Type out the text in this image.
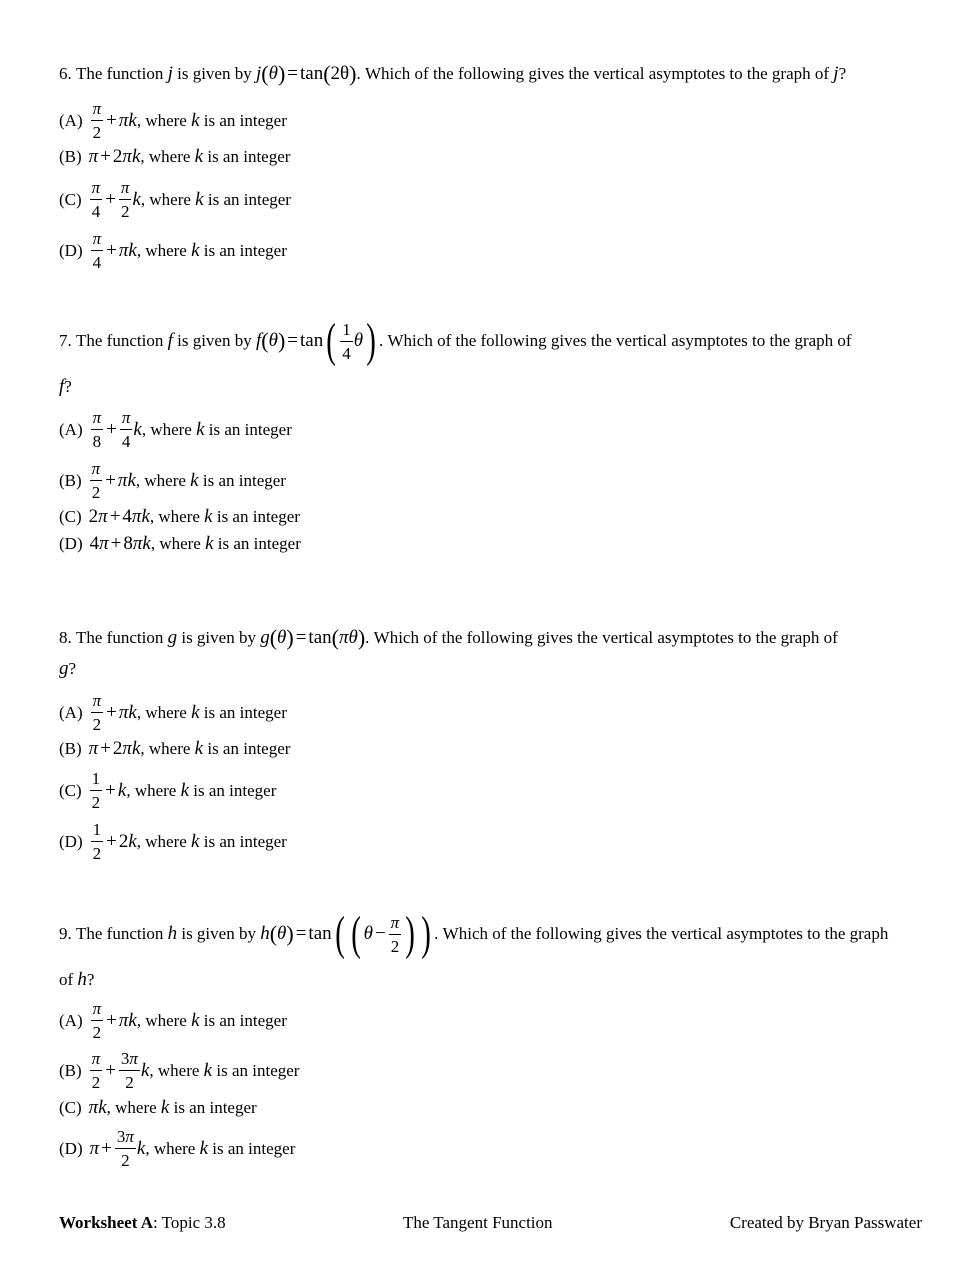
6.
The function
j
is given by
j ( θ ) = tan ( 2θ ) . Which of the following gives the vertical asymptotes to the graph of
j ?
$(A) \frac{\pi}{2} + \pi$ k , where
k
is an integer
(B) π + 2 πk , where
k
is an integer
$(C) \frac{\pi}{4} + \frac{\pi}{2}$ k , where
k
is an integer
$(D) \frac{\pi}{4} + \pi$ k , where
k
is an integer
7.
The function
f
is given by
f ( θ ) = tan ( $\frac{1}{4}$ θ ) . Which of the following gives the vertical asymptotes to the graph of
f ?
$(A) \frac{\pi}{8} + \frac{\pi}{4}$ k , where
k
is an integer
$(B) \frac{\pi}{2} + \pi$ k , where
k
is an integer
(C) 2 π + 4 πk , where
k
is an integer
(D) 4 π + 8 πk , where
k
is an integer
8.
The function
g
is given by
g ( θ ) = tan ( πθ ) . Which of the following gives the vertical asymptotes to the graph of
g ?
$(A) \frac{\pi}{2} + \pi$ k , where
k
is an integer
(B) π + 2 πk , where
k
is an integer
$(C) \frac{1}{2} + k$ , where
k
is an integer
$(D) \frac{1}{2} + 2$ k , where
k
is an integer
9.
The function
h
is given by
h ( θ ) = tan ( ( $\theta - \frac{\pi}{2}$ ) ) . Which of the following gives the vertical asymptotes to the graph
of
h ?
$(A) \frac{\pi}{2} + \pi$ k , where
k
is an integer
$(B) \frac{\pi}{2} + \frac{3\pi}{2}$ k , where
k
is an integer
(C) πk , where
k
is an integer
(D) $\pi + \frac{3\pi}{2}$ k , where
k
is an integer
Worksheet A: Topic 3.8	The Tangent Function	Created by Bryan Passwater
